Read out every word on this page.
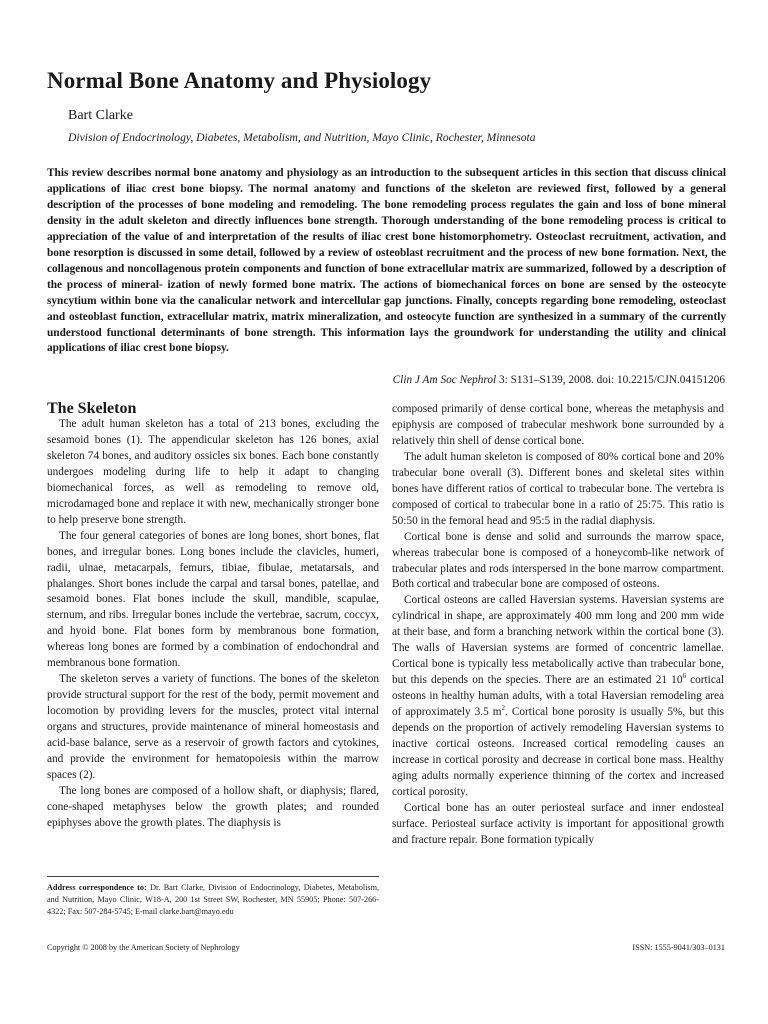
Normal Bone Anatomy and Physiology
Bart Clarke
Division of Endocrinology, Diabetes, Metabolism, and Nutrition, Mayo Clinic, Rochester, Minnesota

This review describes normal bone anatomy and physiology as an introduction to the subsequent articles in this section that discuss clinical applications of iliac crest bone biopsy. The normal anatomy and functions of the skeleton are reviewed first, followed by a general description of the processes of bone modeling and remodeling. The bone remodeling process regulates the gain and loss of bone mineral density in the adult skeleton and directly influences bone strength. Thorough understanding of the bone remodeling process is critical to appreciation of the value of and interpretation of the results of iliac crest bone histomorphometry. Osteoclast recruitment, activation, and bone resorption is discussed in some detail, followed by a review of osteoblast recruitment and the process of new bone formation. Next, the collagenous and noncollagenous protein components and function of bone extracellular matrix are summarized, followed by a description of the process of mineral- ization of newly formed bone matrix. The actions of biomechanical forces on bone are sensed by the osteocyte syncytium within bone via the canalicular network and intercellular gap junctions. Finally, concepts regarding bone remodeling, osteoclast and osteoblast function, extracellular matrix, matrix mineralization, and osteocyte function are synthesized in a summary of the currently understood functional determinants of bone strength. This information lays the groundwork for understanding the utility and clinical applications of iliac crest bone biopsy.

Clin J Am Soc Nephrol 3: S131–S139, 2008. doi: 10.2215/CJN.04151206
The Skeleton

The adult human skeleton has a total of 213 bones, excluding the sesamoid bones (1). The appendicular skeleton has 126 bones, axial skeleton 74 bones, and auditory ossicles six bones. Each bone constantly undergoes modeling during life to help it adapt to changing biomechanical forces, as well as remodeling to remove old, microdamaged bone and replace it with new, mechanically stronger bone to help preserve bone strength.

The four general categories of bones are long bones, short bones, flat bones, and irregular bones. Long bones include the clavicles, humeri, radii, ulnae, metacarpals, femurs, tibiae, fibulae, metatarsals, and phalanges. Short bones include the carpal and tarsal bones, patellae, and sesamoid bones. Flat bones include the skull, mandible, scapulae, sternum, and ribs. Irregular bones include the vertebrae, sacrum, coccyx, and hyoid bone. Flat bones form by membranous bone formation, whereas long bones are formed by a combination of endochondral and membranous bone formation.

The skeleton serves a variety of functions. The bones of the skeleton provide structural support for the rest of the body, permit movement and locomotion by providing levers for the muscles, protect vital internal organs and structures, provide maintenance of mineral homeostasis and acid-base balance, serve as a reservoir of growth factors and cytokines, and provide the environment for hematopoiesis within the marrow spaces (2).

The long bones are composed of a hollow shaft, or diaphysis; flared, cone-shaped metaphyses below the growth plates; and rounded epiphyses above the growth plates. The diaphysis is

composed primarily of dense cortical bone, whereas the metaphysis and epiphysis are composed of trabecular meshwork bone surrounded by a relatively thin shell of dense cortical bone.

The adult human skeleton is composed of 80% cortical bone and 20% trabecular bone overall (3). Different bones and skeletal sites within bones have different ratios of cortical to trabecular bone. The vertebra is composed of cortical to trabecular bone in a ratio of 25:75. This ratio is 50:50 in the femoral head and 95:5 in the radial diaphysis.

Cortical bone is dense and solid and surrounds the marrow space, whereas trabecular bone is composed of a honeycomb-like network of trabecular plates and rods interspersed in the bone marrow compartment. Both cortical and trabecular bone are composed of osteons.

Cortical osteons are called Haversian systems. Haversian systems are cylindrical in shape, are approximately 400 mm long and 200 mm wide at their base, and form a branching network within the cortical bone (3). The walls of Haversian systems are formed of concentric lamellae. Cortical bone is typically less metabolically active than trabecular bone, but this depends on the species. There are an estimated 21 $10^6$ cortical osteons in healthy human adults, with a total Haversian remodeling area of approximately 3.5 $m^2$. Cortical bone porosity is usually 5%, but this depends on the proportion of actively remodeling Haversian systems to inactive cortical osteons. Increased cortical remodeling causes an increase in cortical porosity and decrease in cortical bone mass. Healthy aging adults normally experience thinning of the cortex and increased cortical porosity.

Cortical bone has an outer periosteal surface and inner endosteal surface. Periosteal surface activity is important for appositional growth and fracture repair. Bone formation typically

Address correspondence to: Dr. Bart Clarke, Division of Endocrinology, Diabetes, Metabolism, and Nutrition, Mayo Clinic, W18-A, 200 1st Street SW, Rochester, MN 55905; Phone: 507-266-4322; Fax: 507-284-5745; E-mail clarke.bart@mayo.edu
Copyright © 2008 by the American Society of Nephrology	ISSN: 1555-9041/303–0131
